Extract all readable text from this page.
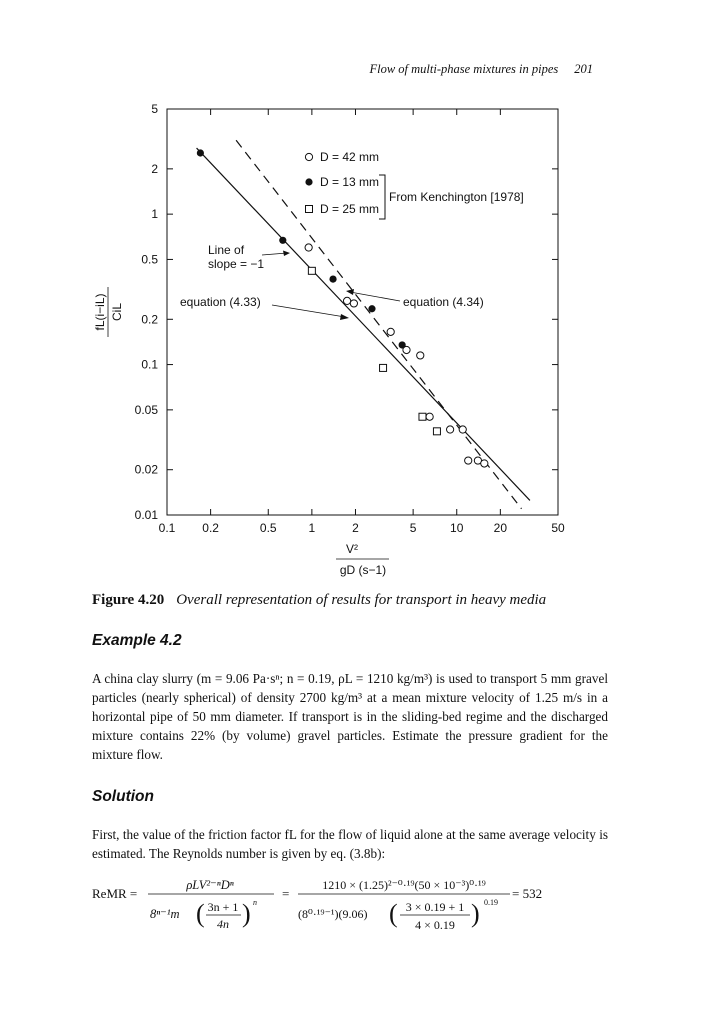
Flow of multi-phase mixtures in pipes 201
0.1 0.2	0.5	1	2	5	10	20	50
5
2
1
0.5
0.2
0.1
0.05
0.02
0.01
V²
gD (s−1)
fL(i−iL) CiL
D = 42 mm
D = 13 mm
D = 25 mm
From Kenchington [1978]
Line of
slope = −1
equation (4.33)	equation (4.34)
Figure 4.20 Overall representation of results for transport in heavy media
Example 4.2
A china clay slurry (m = 9.06 Pa·sⁿ; n = 0.19, ρL = 1210 kg/m³) is used to transport 5 mm gravel particles (nearly spherical) of density 2700 kg/m³ at a mean mixture velocity of 1.25 m/s in a horizontal pipe of 50 mm diameter. If transport is in the sliding-bed regime and the discharged mixture contains 22% (by volume) gravel particles. Estimate the pressure gradient for the mixture flow.
Solution
First, the value of the friction factor fL for the flow of liquid alone at the same average velocity is estimated. The Reynolds number is given by eq. (3.8b):
ReMR =
ρLV²⁻ⁿDⁿ
8ⁿ⁻¹m ( 3n + 1
4n ) n
=
1210 × (1.25)²⁻⁰·¹⁹(50 × 10⁻³)⁰·¹⁹
(8⁰·¹⁹⁻¹)(9.06) ( 3 × 0.19 + 1
4 × 0.19 ) 0.19
= 532
